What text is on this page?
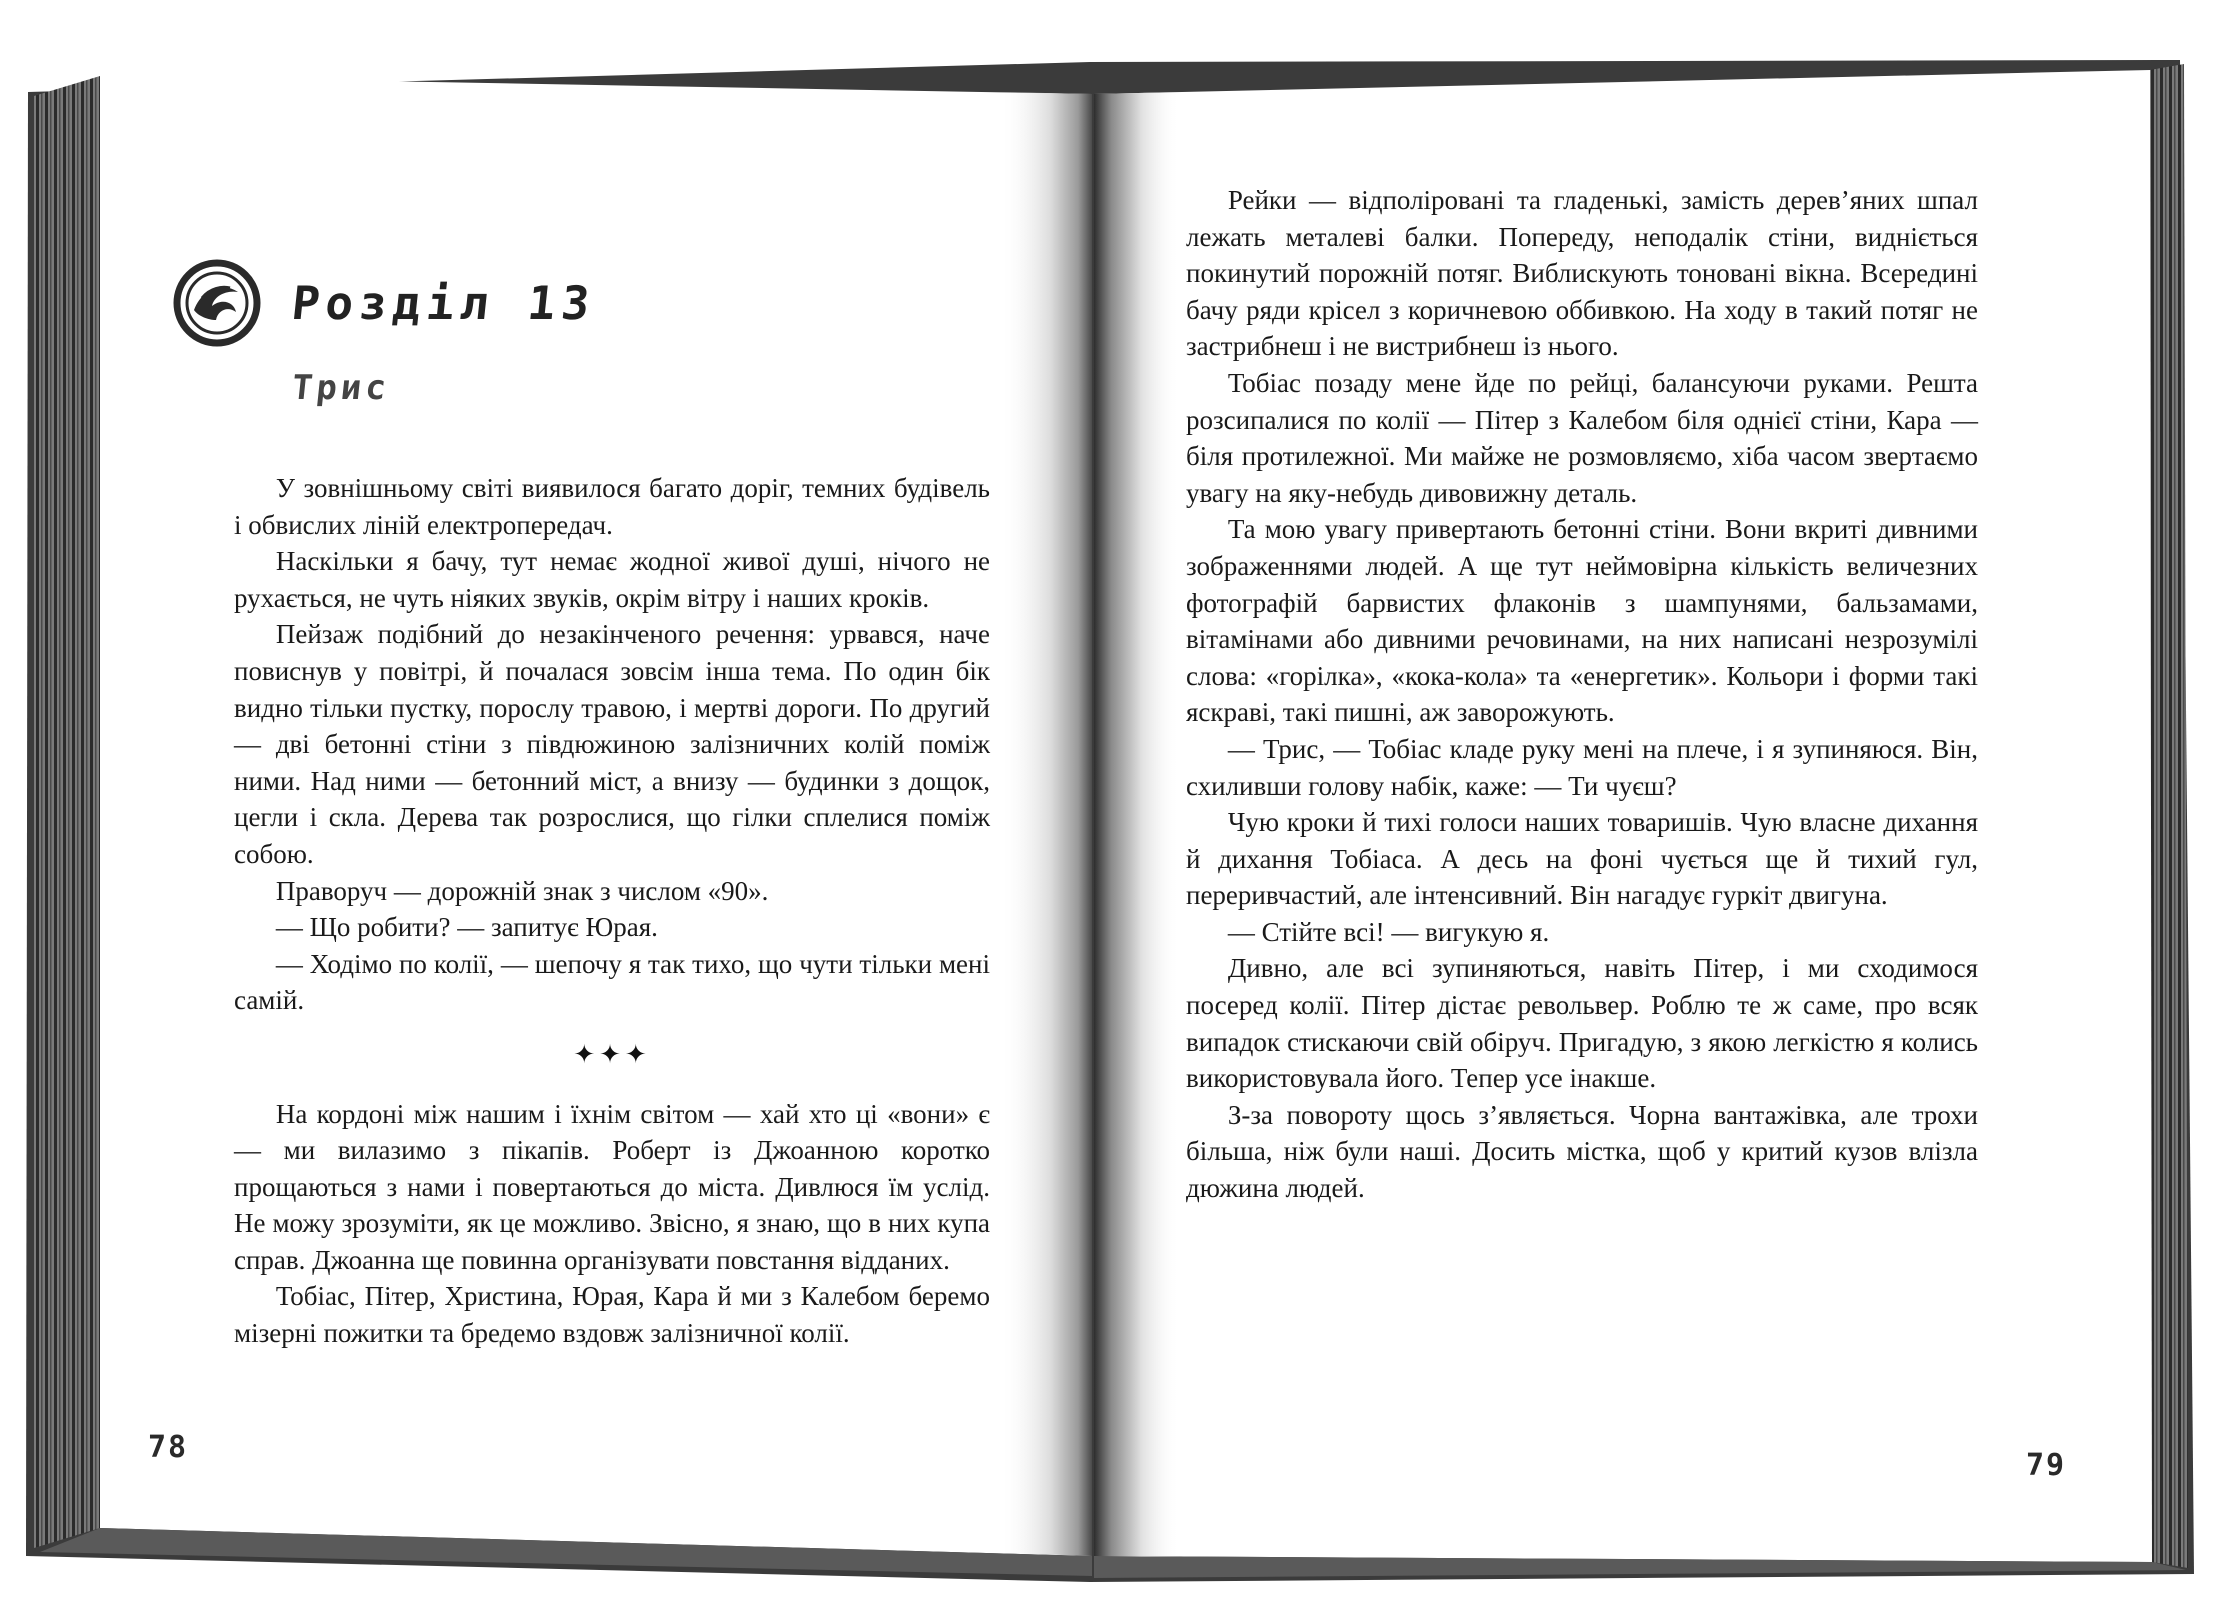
Розділ 13
Трис

У зовнішньому світі виявилося багато доріг, темних будівель і обвислих ліній електропередач.

Наскільки я бачу, тут немає жодної живої душі, нічого не рухається, не чуть ніяких звуків, окрім вітру і наших кроків.

Пейзаж подібний до незакінченого речення: урвався, наче повиснув у повітрі, й почалася зовсім інша тема. По один бік видно тільки пустку, порослу травою, і мертві дороги. По другий — дві бетонні стіни з півдюжиною залізничних колій поміж ними. Над ними — бетонний міст, а внизу — будинки з дощок, цегли і скла. Дерева так розрослися, що гілки сплелися поміж собою.

Праворуч — дорожній знак з числом «90».

— Що робити? — запитує Юрая.

— Ходімо по колії, — шепочу я так тихо, що чути тільки мені самій.

✦✦✦

На кордоні між нашим і їхнім світом — хай хто ці «вони» є — ми вилазимо з пікапів. Роберт із Джоанною коротко прощаються з нами і повертаються до міста. Дивлюся їм услід. Не можу зрозуміти, як це можливо. Звісно, я знаю, що в них купа справ. Джоанна ще повинна організувати повстання відданих.

Тобіас, Пітер, Христина, Юрая, Кара й ми з Калебом беремо мізерні пожитки та бредемо вздовж залізничної колії.

Рейки — відполіровані та гладенькі, замість дерев’яних шпал лежать металеві балки. Попереду, неподалік стіни, видніється покинутий порожній потяг. Виблискують тоновані вікна. Всередині бачу ряди крісел з коричневою оббивкою. На ходу в такий потяг не застрибнеш і не вистрибнеш із нього.

Тобіас позаду мене йде по рейці, балансуючи руками. Решта розсипалися по колії — Пітер з Калебом біля однієї стіни, Кара — біля протилежної. Ми майже не розмовляємо, хіба часом звертаємо увагу на яку-небудь дивовижну деталь.

Та мою увагу привертають бетонні стіни. Вони вкриті дивними зображеннями людей. А ще тут неймовірна кількість величезних фотографій барвистих флаконів з шампунями, бальзамами, вітамінами або дивними речовинами, на них написані незрозумілі слова: «горілка», «кока-кола» та «енергетик». Кольори і форми такі яскраві, такі пишні, аж заворожують.

— Трис, — Тобіас кладе руку мені на плече, і я зупиняюся. Він, схиливши голову набік, каже: — Ти чуєш?

Чую кроки й тихі голоси наших товаришів. Чую власне дихання й дихання Тобіаса. А десь на фоні чується ще й тихий гул, переривчастий, але інтенсивний. Він нагадує гуркіт двигуна.

— Стійте всі! — вигукую я.

Дивно, але всі зупиняються, навіть Пітер, і ми сходимося посеред колії. Пітер дістає револьвер. Роблю те ж саме, про всяк випадок стискаючи свій обіруч. Пригадую, з якою легкістю я колись використовувала його. Тепер усе інакше.

З-за повороту щось з’являється. Чорна вантажівка, але трохи більша, ніж були наші. Досить місткa, щоб у критий кузов влізла дюжина людей.

78
79
